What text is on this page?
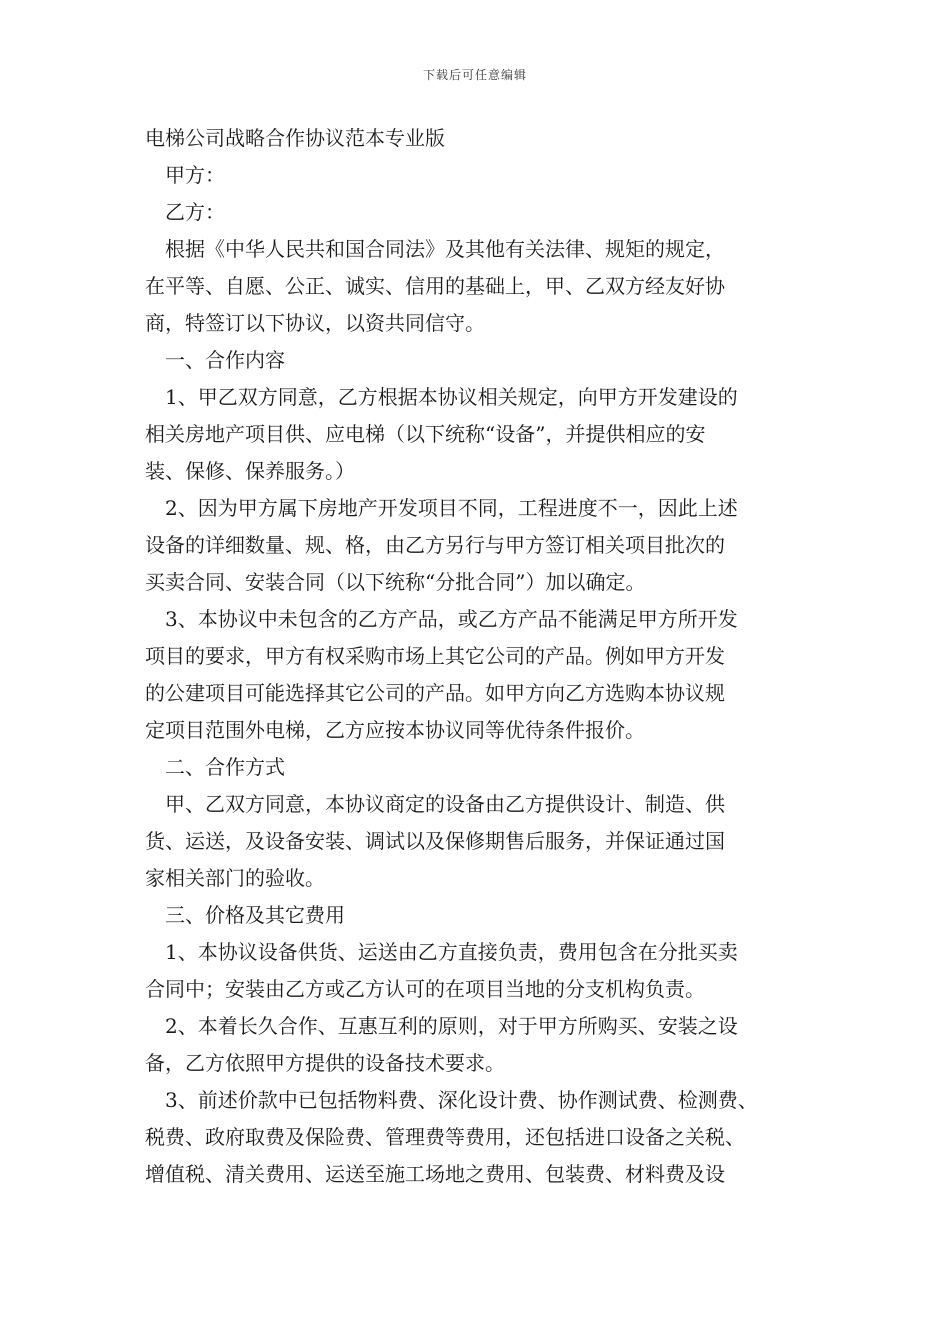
下载后可任意编辑
电梯公司战略合作协议范本专业版
　甲方：
　乙方：
　根据《中华人民共和国合同法》及其他有关法律、规矩的规定，
在平等、自愿、公正、诚实、信用的基础上，甲、乙双方经友好协
商，特签订以下协议，以资共同信守。
　一、合作内容
　1、甲乙双方同意，乙方根据本协议相关规定，向甲方开发建设的
相关房地产项目供、应电梯（以下统称“设备”，并提供相应的安
装、保修、保养服务。）
　2、因为甲方属下房地产开发项目不同，工程进度不一，因此上述
设备的详细数量、规、格，由乙方另行与甲方签订相关项目批次的
买卖合同、安装合同（以下统称“分批合同”）加以确定。
　3、本协议中未包含的乙方产品，或乙方产品不能满足甲方所开发
项目的要求，甲方有权采购市场上其它公司的产品。例如甲方开发
的公建项目可能选择其它公司的产品。如甲方向乙方选购本协议规
定项目范围外电梯，乙方应按本协议同等优待条件报价。
　二、合作方式
　甲、乙双方同意，本协议商定的设备由乙方提供设计、制造、供
货、运送，及设备安装、调试以及保修期售后服务，并保证通过国
家相关部门的验收。
　三、价格及其它费用
　1、本协议设备供货、运送由乙方直接负责，费用包含在分批买卖
合同中；安装由乙方或乙方认可的在项目当地的分支机构负责。
　2、本着长久合作、互惠互利的原则，对于甲方所购买、安装之设
备，乙方依照甲方提供的设备技术要求。
　3、前述价款中已包括物料费、深化设计费、协作测试费、检测费、
税费、政府取费及保险费、管理费等费用，还包括进口设备之关税、
增值税、清关费用、运送至施工场地之费用、包装费、材料费及设
